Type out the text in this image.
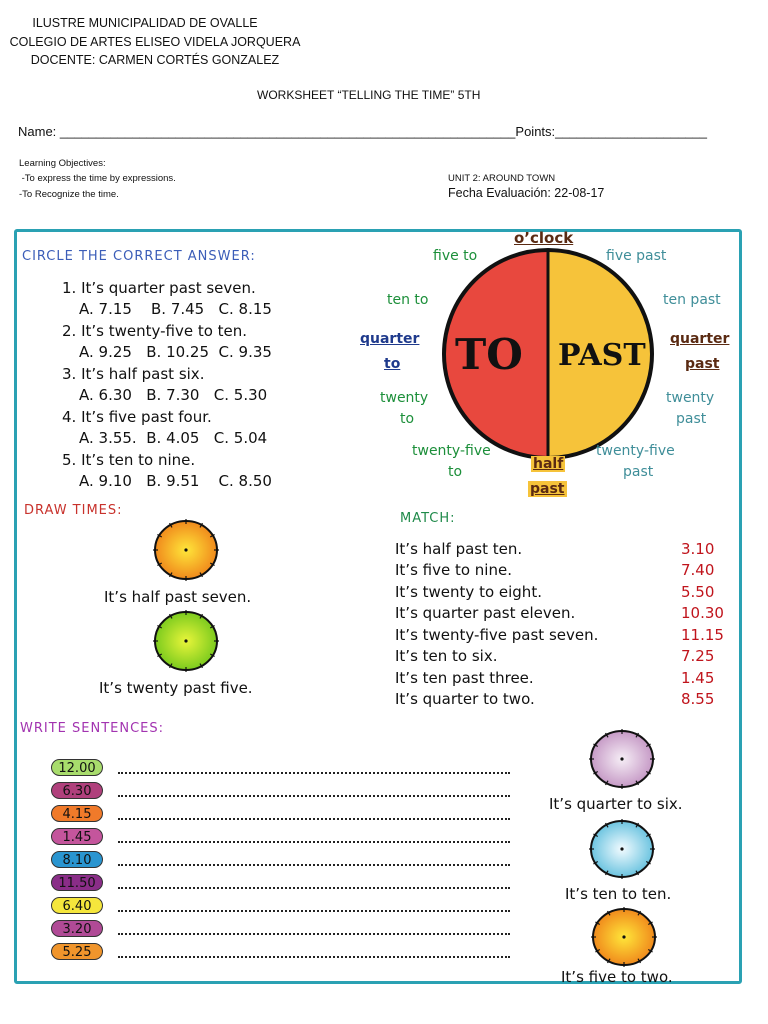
ILUSTRE MUNICIPALIDAD DE OVALLE
COLEGIO DE ARTES ELISEO VIDELA JORQUERA
DOCENTE: CARMEN CORTÉS GONZALEZ
WORKSHEET “TELLING THE TIME” 5TH
Name: _______________________________________________________________Points:_____________________
Learning Objectives:
-To express the time by expressions.
-To Recognize the time.
UNIT 2: AROUND TOWN
Fecha Evaluación: 22-08-17
CIRCLE THE CORRECT ANSWER:
1. It’s quarter past seven.
A. 7.15    B. 7.45   C. 8.15
2. It’s twenty-five to ten.
A. 9.25   B. 10.25  C. 9.35
3. It’s half past six.
A. 6.30   B. 7.30   C. 5.30
4. It’s five past four.
A. 3.55.  B. 4.05   C. 5.04
5. It’s ten to nine.
A. 9.10   B. 9.51    C. 8.50
TO PAST
o’clock
five to	five past
ten to	ten past
quarter
to
quarter
past
twenty
to
twenty
past
twenty-five
to
twenty-five
past
half
past
DRAW TIMES:
It’s half past seven.
It’s twenty past five.
MATCH:
It’s half past ten.	3.10
It’s five to nine.	7.40
It’s twenty to eight.	5.50
It’s quarter past eleven.	10.30
It’s twenty-five past seven.	11.15
It’s ten to six.	7.25
It’s ten past three.	1.45
It’s quarter to two.	8.55
WRITE SENTENCES:
12.00
6.30
4.15
1.45
8.10
11.50
6.40
3.20
5.25
It’s quarter to six.
It’s ten to ten.
It’s five to two.
